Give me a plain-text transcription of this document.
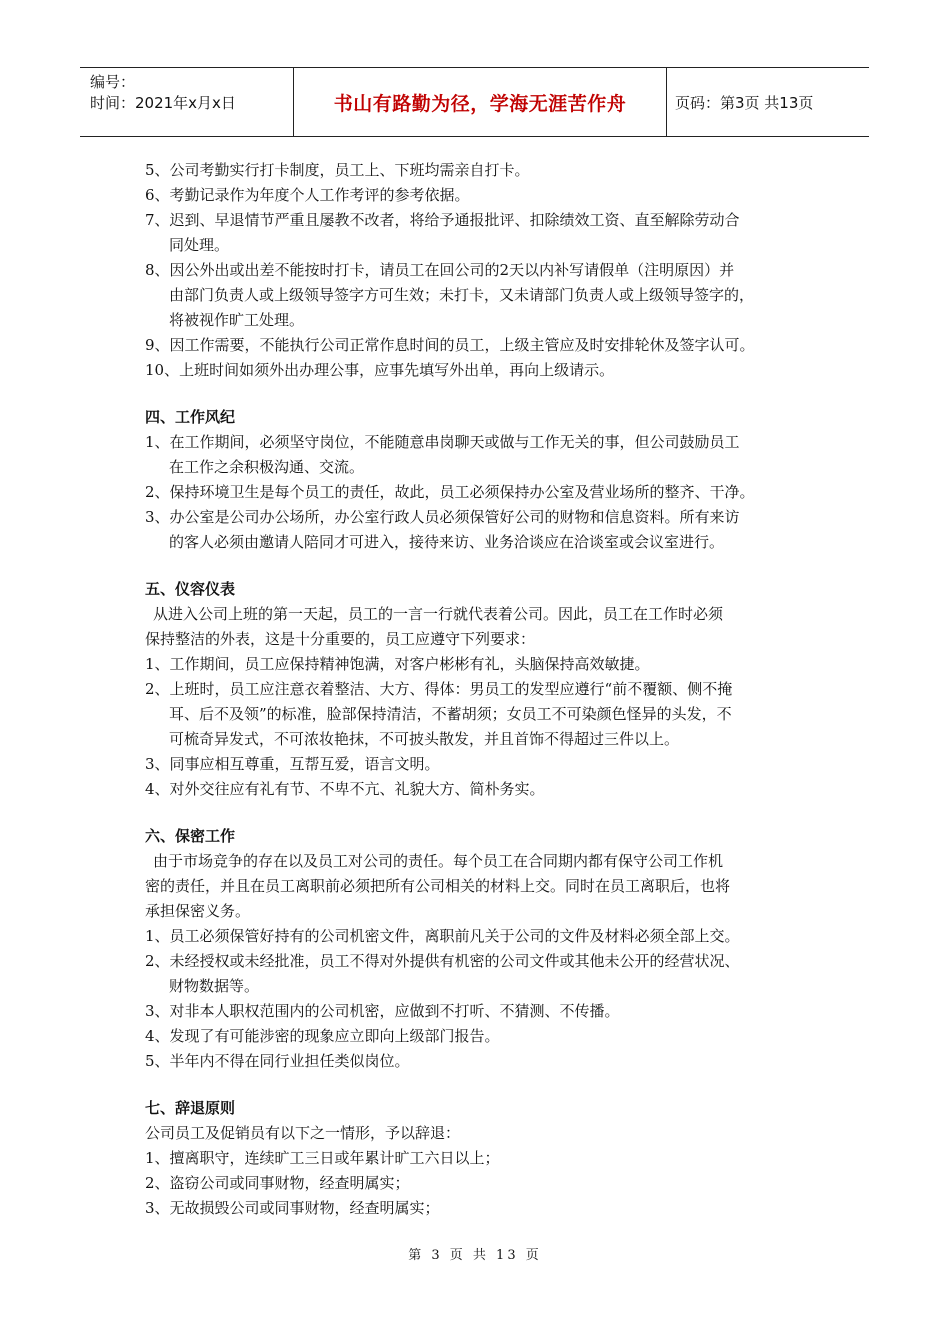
编号：
时间：2021年x月x日	书山有路勤为径，学海无涯苦作舟	页码：第3页 共13页
5、公司考勤实行打卡制度，员工上、下班均需亲自打卡。
6、考勤记录作为年度个人工作考评的参考依据。
7、迟到、早退情节严重且屡教不改者，将给予通报批评、扣除绩效工资、直至解除劳动合
同处理。
8、因公外出或出差不能按时打卡，请员工在回公司的2天以内补写请假单（注明原因）并
由部门负责人或上级领导签字方可生效；未打卡，又未请部门负责人或上级领导签字的，
将被视作旷工处理。
9、因工作需要，不能执行公司正常作息时间的员工，上级主管应及时安排轮休及签字认可。
10、上班时间如须外出办理公事，应事先填写外出单，再向上级请示。
四、工作风纪
1、在工作期间，必须坚守岗位，不能随意串岗聊天或做与工作无关的事，但公司鼓励员工
在工作之余积极沟通、交流。
2、保持环境卫生是每个员工的责任，故此，员工必须保持办公室及营业场所的整齐、干净。
3、办公室是公司办公场所，办公室行政人员必须保管好公司的财物和信息资料。所有来访
的客人必须由邀请人陪同才可进入，接待来访、业务洽谈应在洽谈室或会议室进行。
五、仪容仪表
从进入公司上班的第一天起，员工的一言一行就代表着公司。因此，员工在工作时必须
保持整洁的外表，这是十分重要的，员工应遵守下列要求：
1、工作期间，员工应保持精神饱满，对客户彬彬有礼，头脑保持高效敏捷。
2、上班时，员工应注意衣着整洁、大方、得体：男员工的发型应遵行“前不覆额、侧不掩
耳、后不及领”的标准，脸部保持清洁，不蓄胡须；女员工不可染颜色怪异的头发，不
可梳奇异发式，不可浓妆艳抹，不可披头散发，并且首饰不得超过三件以上。
3、同事应相互尊重，互帮互爱，语言文明。
4、对外交往应有礼有节、不卑不亢、礼貌大方、简朴务实。
六、保密工作
由于市场竞争的存在以及员工对公司的责任。每个员工在合同期内都有保守公司工作机
密的责任，并且在员工离职前必须把所有公司相关的材料上交。同时在员工离职后，也将
承担保密义务。
1、员工必须保管好持有的公司机密文件，离职前凡关于公司的文件及材料必须全部上交。
2、未经授权或未经批准，员工不得对外提供有机密的公司文件或其他未公开的经营状况、
财物数据等。
3、对非本人职权范围内的公司机密，应做到不打听、不猜测、不传播。
4、发现了有可能涉密的现象应立即向上级部门报告。
5、半年内不得在同行业担任类似岗位。
七、辞退原则
公司员工及促销员有以下之一情形，予以辞退：
1、擅离职守，连续旷工三日或年累计旷工六日以上；
2、盗窃公司或同事财物，经查明属实；
3、无故损毁公司或同事财物，经查明属实；
第 3 页 共 13 页
